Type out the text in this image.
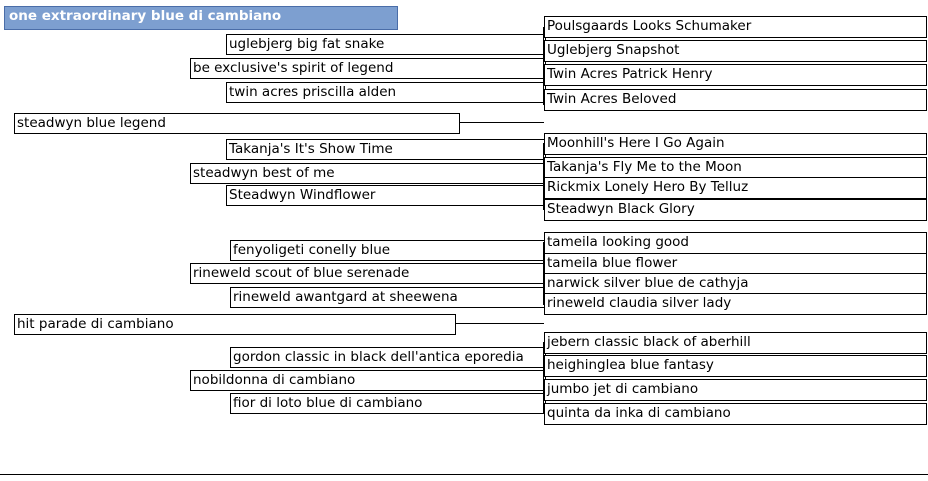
one extraordinary blue di cambiano
steadwyn blue legend
hit parade di cambiano
be exclusive's spirit of legend
steadwyn best of me
rineweld scout of blue serenade
nobildonna di cambiano
uglebjerg big fat snake
twin acres priscilla alden
Takanja's It's Show Time
Steadwyn Windflower
fenyoligeti conelly blue
rineweld awantgard at sheewena
gordon classic in black dell'antica eporedia
fior di loto blue di cambiano
Poulsgaards Looks Schumaker
Uglebjerg Snapshot
Twin Acres Patrick Henry
Twin Acres Beloved
Moonhill's Here I Go Again
Takanja's Fly Me to the Moon
Rickmix Lonely Hero By Telluz
Steadwyn Black Glory
tameila looking good
tameila blue flower
narwick silver blue de cathyja
rineweld claudia silver lady
jebern classic black of aberhill
heighinglea blue fantasy
jumbo jet di cambiano
quinta da inka di cambiano
